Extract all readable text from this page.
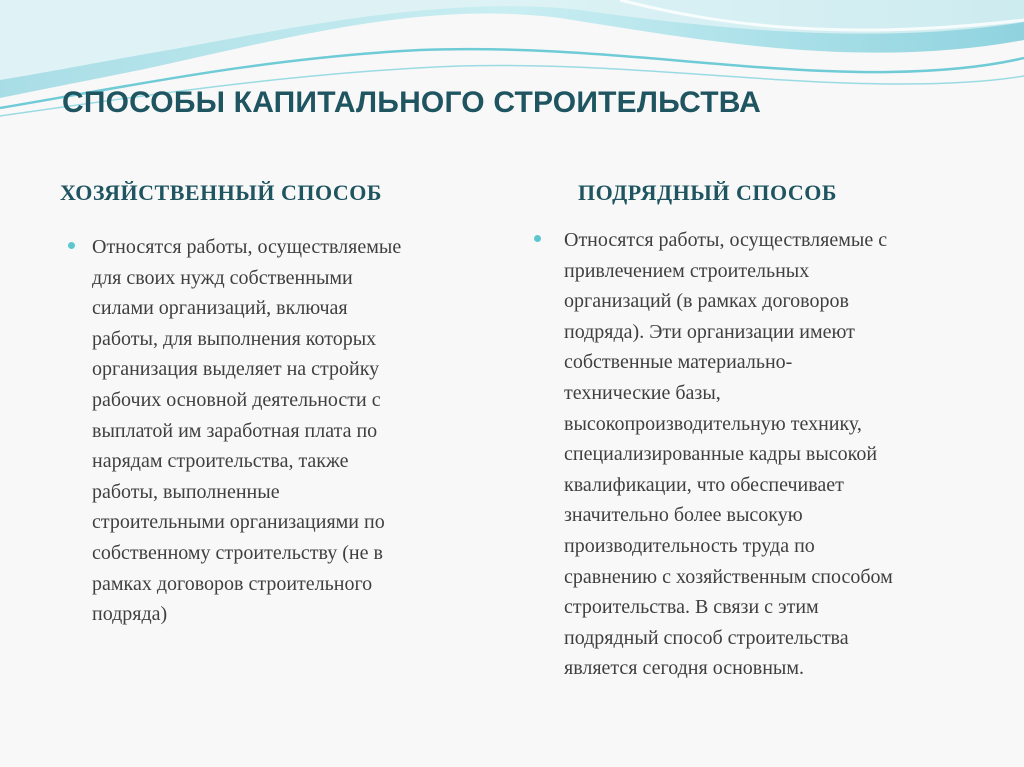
СПОСОБЫ КАПИТАЛЬНОГО СТРОИТЕЛЬСТВА
ХОЗЯЙСТВЕННЫЙ СПОСОБ	ПОДРЯДНЫЙ СПОСОБ
Относятся работы, осуществляемые
для своих нужд собственными
силами организаций, включая
работы, для выполнения которых
организация выделяет на стройку
рабочих основной деятельности с
выплатой им заработная плата по
нарядам строительства, также
работы, выполненные
строительными организациями по
собственному строительству (не в
рамках договоров строительного
подряда)
Относятся работы, осуществляемые с
привлечением строительных
организаций (в рамках договоров
подряда). Эти организации имеют
собственные материально-
технические базы,
высокопроизводительную технику,
специализированные кадры высокой
квалификации, что обеспечивает
значительно более высокую
производительность труда по
сравнению с хозяйственным способом
строительства. В связи с этим
подрядный способ строительства
является сегодня основным.
